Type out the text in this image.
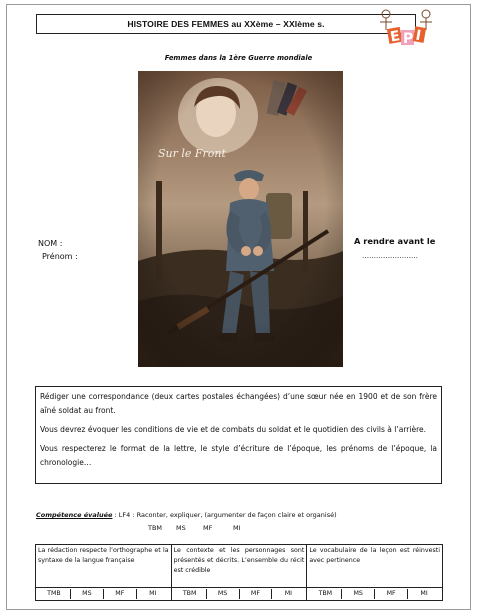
HISTOIRE DES FEMMES au XXème – XXIème s.
E P I
Femmes dans la 1ère Guerre mondiale
NOM :
Prénom :
A rendre avant le
……………………

Rédiger une correspondance (deux cartes postales échangées) d’une sœur née en 1900 et de son frère aîné soldat au front.

Vous devrez évoquer les conditions de vie et de combats du soldat et le quotidien des civils à l’arrière.

Vous respecterez le format de la lettre, le style d’écriture de l’époque, les prénoms de l’époque, la chronologie…

Compétence évaluée : LF4 : Raconter, expliquer, (argumenter de façon claire et organisé)
TBM MS	MF	MI
La rédaction respecte l’orthographe et la syntaxe de la langue française	Le contexte et les personnages sont présentés et décrits. L’ensemble du récit est crédible	Le vocabulaire de la leçon est réinvesti avec pertinence

TMB MS MF MI	TBM MS MF MI	TBM MS MF MI
